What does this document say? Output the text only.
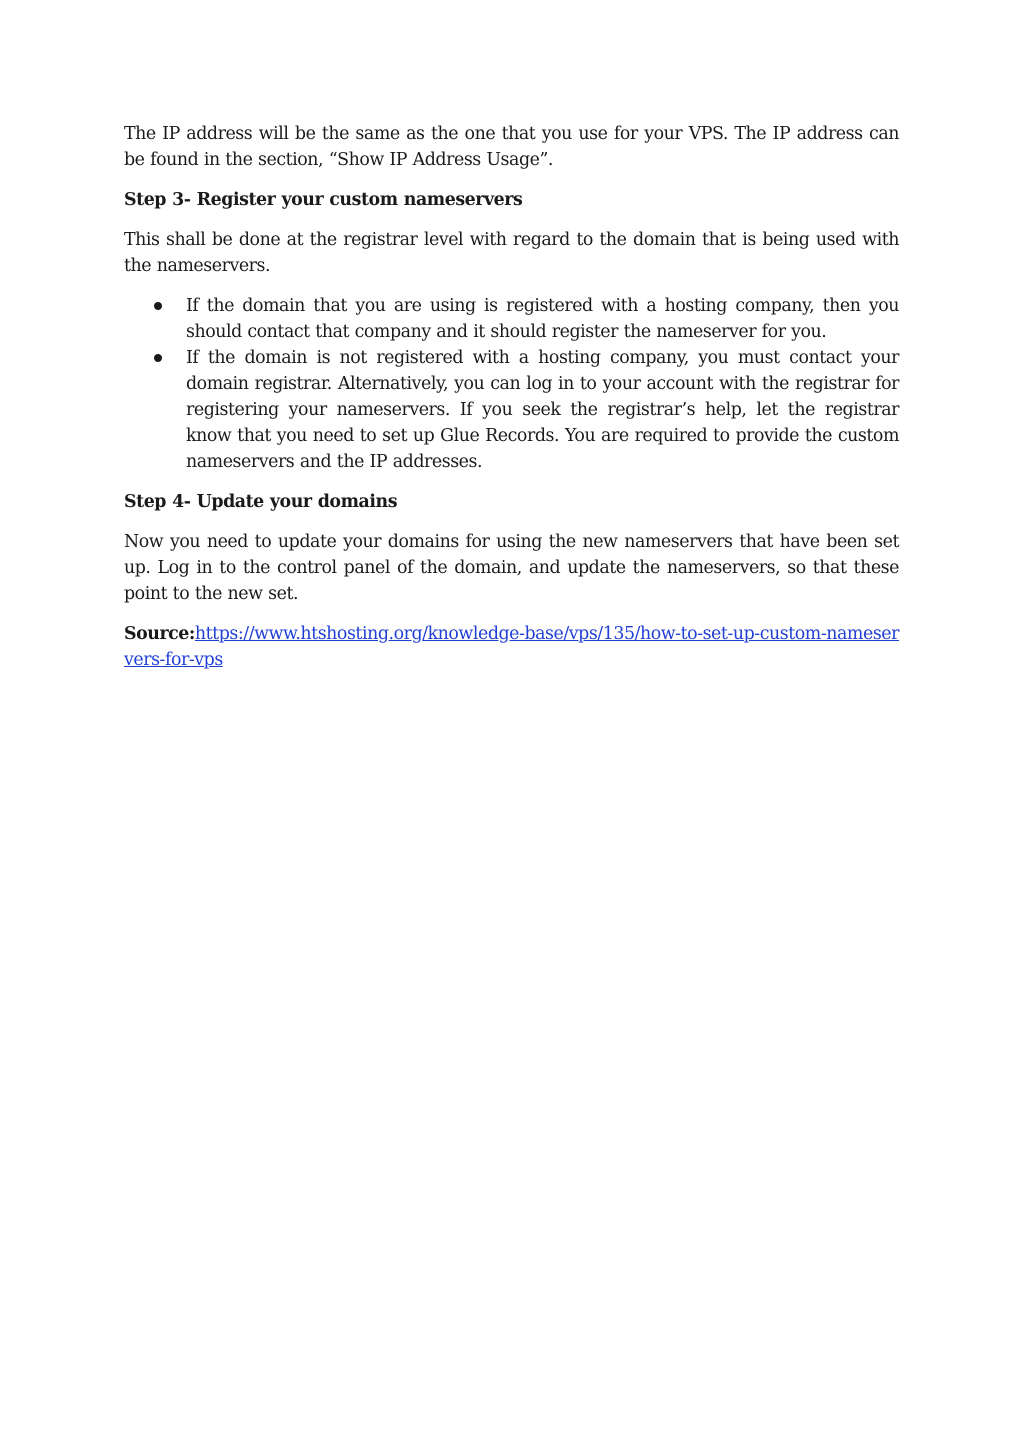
The IP address will be the same as the one that you use for your VPS. The IP address can be found in the section, “Show IP Address Usage”.

Step 3- Register your custom nameservers

This shall be done at the registrar level with regard to the domain that is being used with the nameservers.

If the domain that you are using is registered with a hosting company, then you should contact that company and it should register the nameserver for you.
If the domain is not registered with a hosting company, you must contact your domain registrar. Alternatively, you can log in to your account with the registrar for registering your nameservers. If you seek the registrar’s help, let the registrar know that you need to set up Glue Records. You are required to provide the custom nameservers and the IP addresses.
Step 4- Update your domains

Now you need to update your domains for using the new nameservers that have been set up. Log in to the control panel of the domain, and update the nameservers, so that these point to the new set.

Source:https://www.htshosting.org/knowledge-base/vps/135/how-to-set-up-custom-nameservers-for-vps
